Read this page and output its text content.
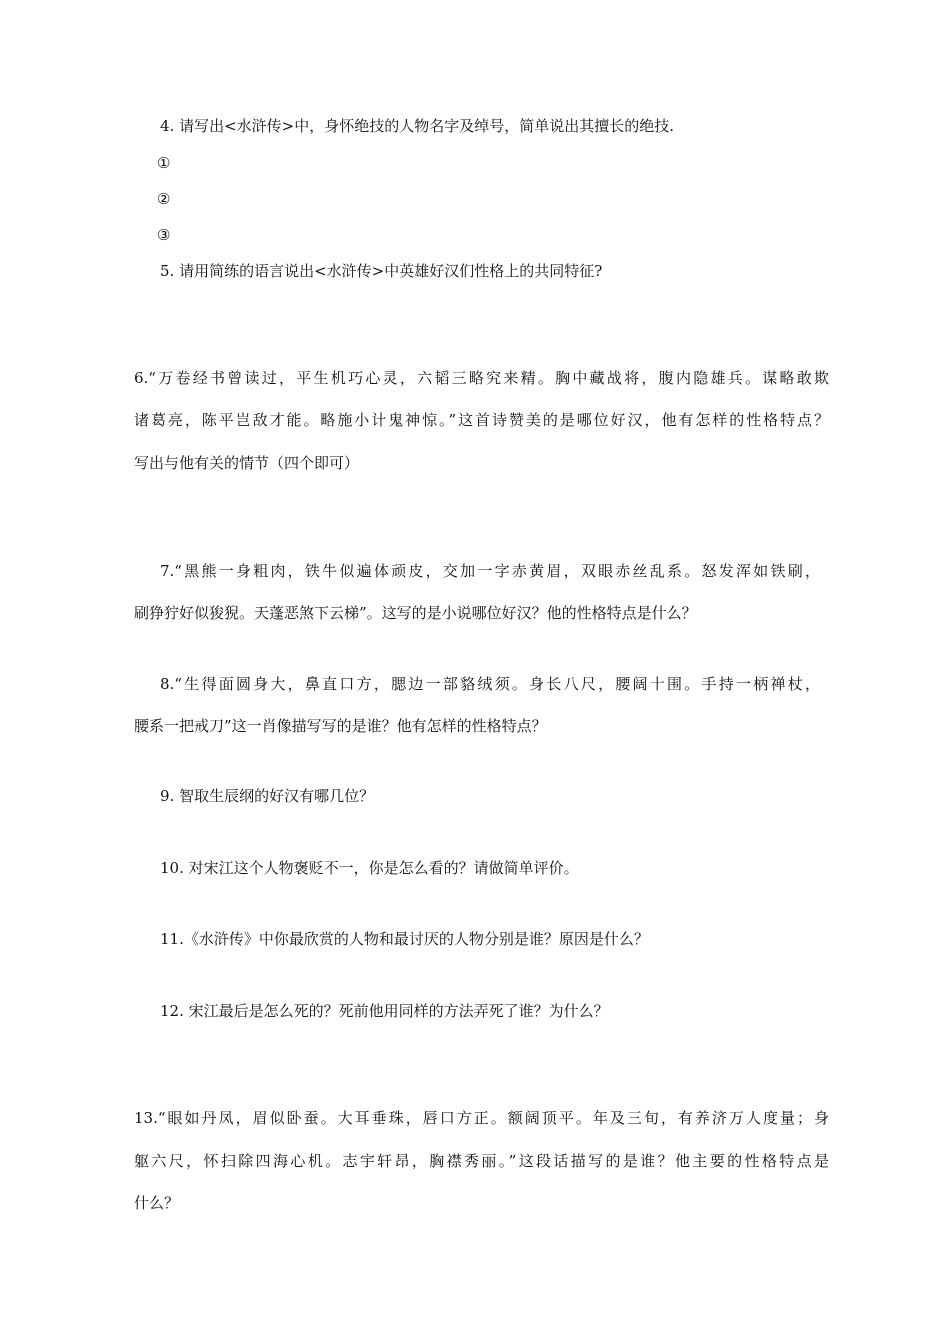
4. 请写出<水浒传>中，身怀绝技的人物名字及绰号，简单说出其擅长的绝技.
①
②
③
5. 请用简练的语言说出<水浒传>中英雄好汉们性格上的共同特征?
6.“万卷经书曾读过，平生机巧心灵，六韬三略究来精。胸中藏战将，腹内隐雄兵。谋略敢欺
诸葛亮，陈平岂敌才能。略施小计鬼神惊。”这首诗赞美的是哪位好汉，他有怎样的性格特点？
写出与他有关的情节（四个即可）
7.“黑熊一身粗肉，铁牛似遍体顽皮，交加一字赤黄眉，双眼赤丝乱系。怒发浑如铁刷，
刷狰狞好似狻猊。天蓬恶煞下云梯”。这写的是小说哪位好汉？他的性格特点是什么？
8.“生得面圆身大，鼻直口方，腮边一部貉绒须。身长八尺，腰阔十围。手持一柄禅杖，
腰系一把戒刀”这一肖像描写写的是谁？他有怎样的性格特点？
9. 智取生辰纲的好汉有哪几位？
10. 对宋江这个人物褒贬不一，你是怎么看的？请做简单评价。
11.《水浒传》中你最欣赏的人物和最讨厌的人物分别是谁？原因是什么？
12. 宋江最后是怎么死的？死前他用同样的方法弄死了谁？为什么？
13.“眼如丹凤，眉似卧蚕。大耳垂珠，唇口方正。额阔顶平。年及三旬，有养济万人度量；身
躯六尺，怀扫除四海心机。志宇轩昂，胸襟秀丽。”这段话描写的是谁？他主要的性格特点是
什么？
